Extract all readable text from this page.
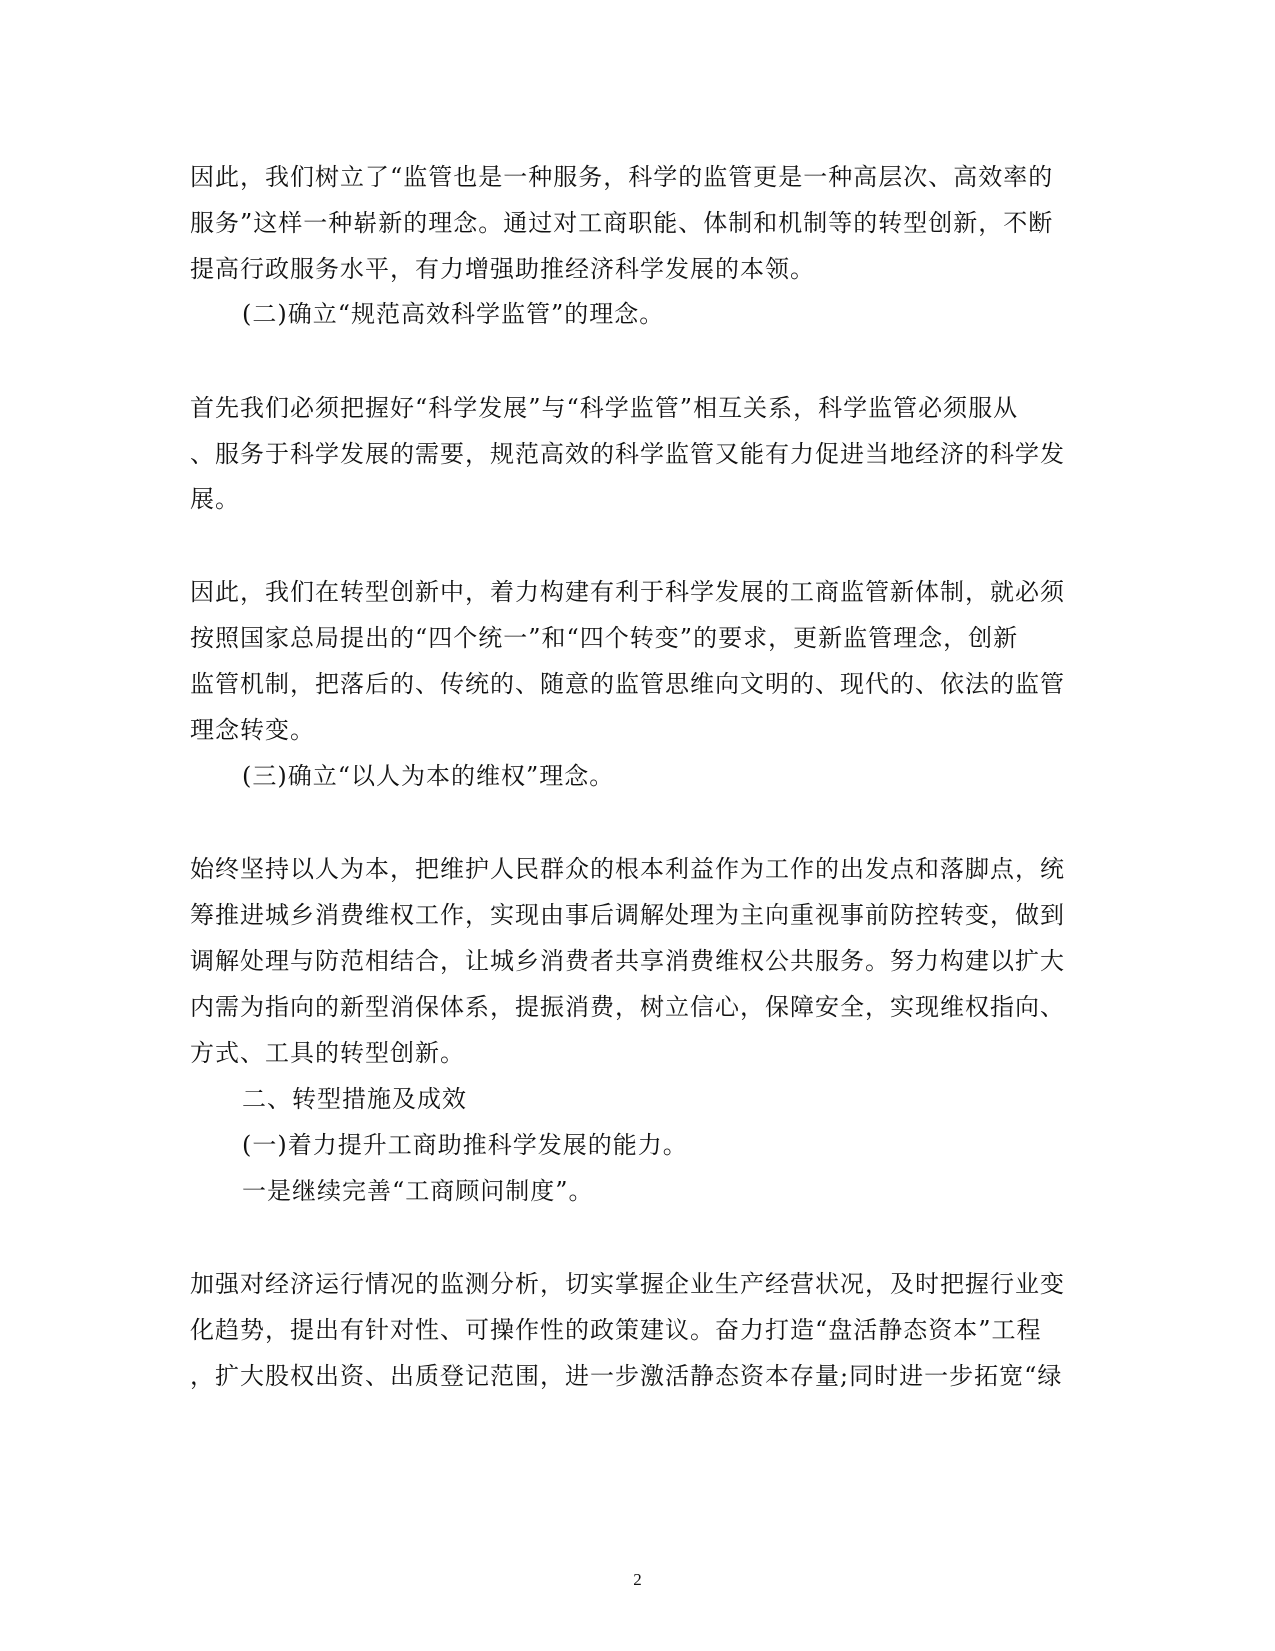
因此，我们树立了“监管也是一种服务，科学的监管更是一种高层次、高效率的
服务”这样一种崭新的理念。通过对工商职能、体制和机制等的转型创新，不断
提高行政服务水平，有力增强助推经济科学发展的本领。
(二)确立“规范高效科学监管”的理念。
首先我们必须把握好“科学发展”与“科学监管”相互关系，科学监管必须服从
、服务于科学发展的需要，规范高效的科学监管又能有力促进当地经济的科学发
展。
因此，我们在转型创新中，着力构建有利于科学发展的工商监管新体制，就必须
按照国家总局提出的“四个统一”和“四个转变”的要求，更新监管理念，创新
监管机制，把落后的、传统的、随意的监管思维向文明的、现代的、依法的监管
理念转变。
(三)确立“以人为本的维权”理念。
始终坚持以人为本，把维护人民群众的根本利益作为工作的出发点和落脚点，统
筹推进城乡消费维权工作，实现由事后调解处理为主向重视事前防控转变，做到
调解处理与防范相结合，让城乡消费者共享消费维权公共服务。努力构建以扩大
内需为指向的新型消保体系，提振消费，树立信心，保障安全，实现维权指向、
方式、工具的转型创新。
二、转型措施及成效
(一)着力提升工商助推科学发展的能力。
一是继续完善“工商顾问制度”。
加强对经济运行情况的监测分析，切实掌握企业生产经营状况，及时把握行业变
化趋势，提出有针对性、可操作性的政策建议。奋力打造“盘活静态资本”工程
，扩大股权出资、出质登记范围，进一步激活静态资本存量;同时进一步拓宽“绿
2
